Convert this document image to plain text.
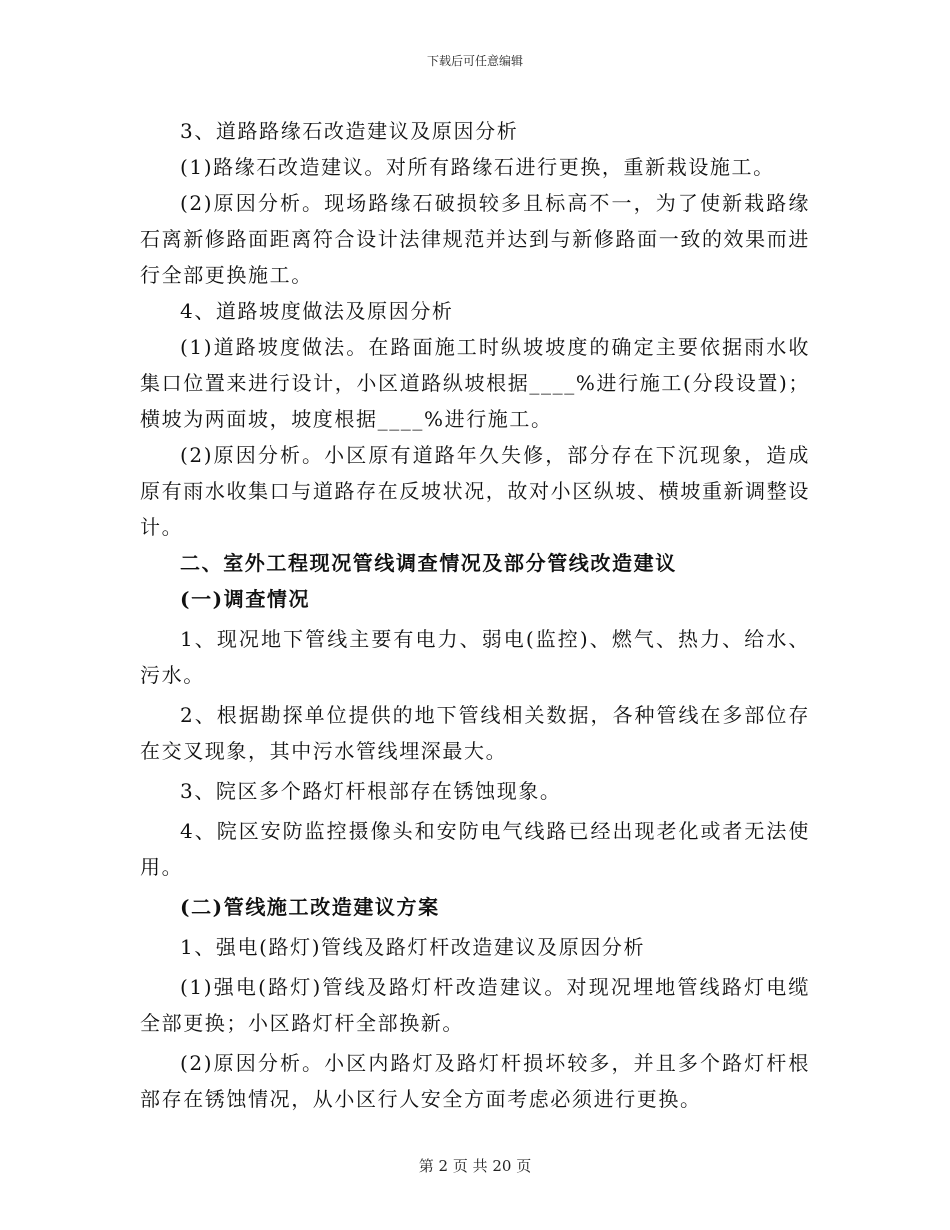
下载后可任意编辑

3、道路路缘石改造建议及原因分析

(1)路缘石改造建议。对所有路缘石进行更换，重新栽设施工。

(2)原因分析。现场路缘石破损较多且标高不一，为了使新栽路缘石离新修路面距离符合设计法律规范并达到与新修路面一致的效果而进行全部更换施工。

4、道路坡度做法及原因分析

(1)道路坡度做法。在路面施工时纵坡坡度的确定主要依据雨水收集口位置来进行设计，小区道路纵坡根据____%进行施工(分段设置)；横坡为两面坡，坡度根据____%进行施工。

(2)原因分析。小区原有道路年久失修，部分存在下沉现象，造成原有雨水收集口与道路存在反坡状况，故对小区纵坡、横坡重新调整设计。

二、室外工程现况管线调查情况及部分管线改造建议

(一)调查情况

1、现况地下管线主要有电力、弱电(监控)、燃气、热力、给水、污水。

2、根据勘探单位提供的地下管线相关数据，各种管线在多部位存在交叉现象，其中污水管线埋深最大。

3、院区多个路灯杆根部存在锈蚀现象。

4、院区安防监控摄像头和安防电气线路已经出现老化或者无法使用。

(二)管线施工改造建议方案

1、强电(路灯)管线及路灯杆改造建议及原因分析

(1)强电(路灯)管线及路灯杆改造建议。对现况埋地管线路灯电缆全部更换；小区路灯杆全部换新。

(2)原因分析。小区内路灯及路灯杆损坏较多，并且多个路灯杆根部存在锈蚀情况，从小区行人安全方面考虑必须进行更换。

第 2 页 共 20 页
